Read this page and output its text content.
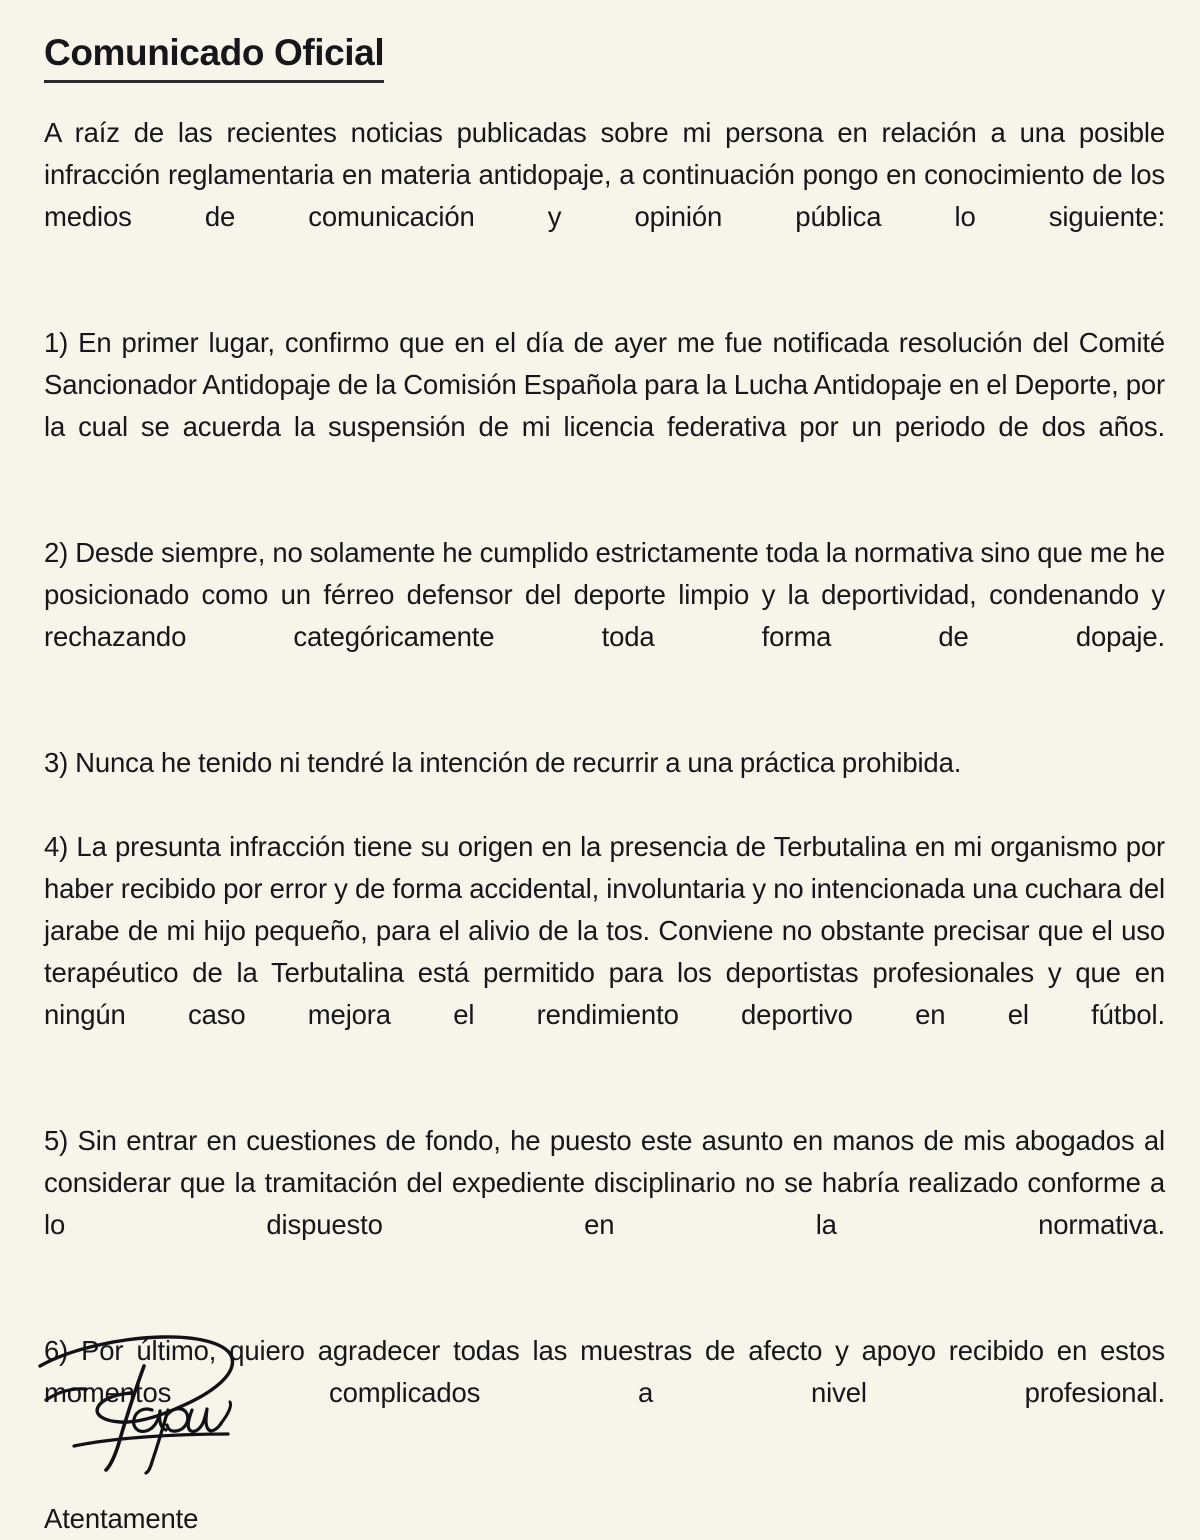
Comunicado Oficial

A raíz de las recientes noticias publicadas sobre mi persona en relación a una posible infracción reglamentaria en materia antidopaje, a continuación pongo en conocimiento de los medios de comunicación y opinión pública lo siguiente:

1) En primer lugar, confirmo que en el día de ayer me fue notificada resolución del Comité Sancionador Antidopaje de la Comisión Española para la Lucha Antidopaje en el Deporte, por la cual se acuerda la suspensión de mi licencia federativa por un periodo de dos años.

2) Desde siempre, no solamente he cumplido estrictamente toda la normativa sino que me he posicionado como un férreo defensor del deporte limpio y la deportividad, condenando y rechazando categóricamente toda forma de dopaje.

3) Nunca he tenido ni tendré la intención de recurrir a una práctica prohibida.

4) La presunta infracción tiene su origen en la presencia de Terbutalina en mi organismo por haber recibido por error y de forma accidental, involuntaria y no intencionada una cuchara del jarabe de mi hijo pequeño, para el alivio de la tos. Conviene no obstante precisar que el uso terapéutico de la Terbutalina está permitido para los deportistas profesionales y que en ningún caso mejora el rendimiento deportivo en el fútbol.

5) Sin entrar en cuestiones de fondo, he puesto este asunto en manos de mis abogados al considerar que la tramitación del expediente disciplinario no se habría realizado conforme a lo dispuesto en la normativa.

6) Por último, quiero agradecer todas las muestras de afecto y apoyo recibido en estos momentos complicados a nivel profesional.

Atentamente
